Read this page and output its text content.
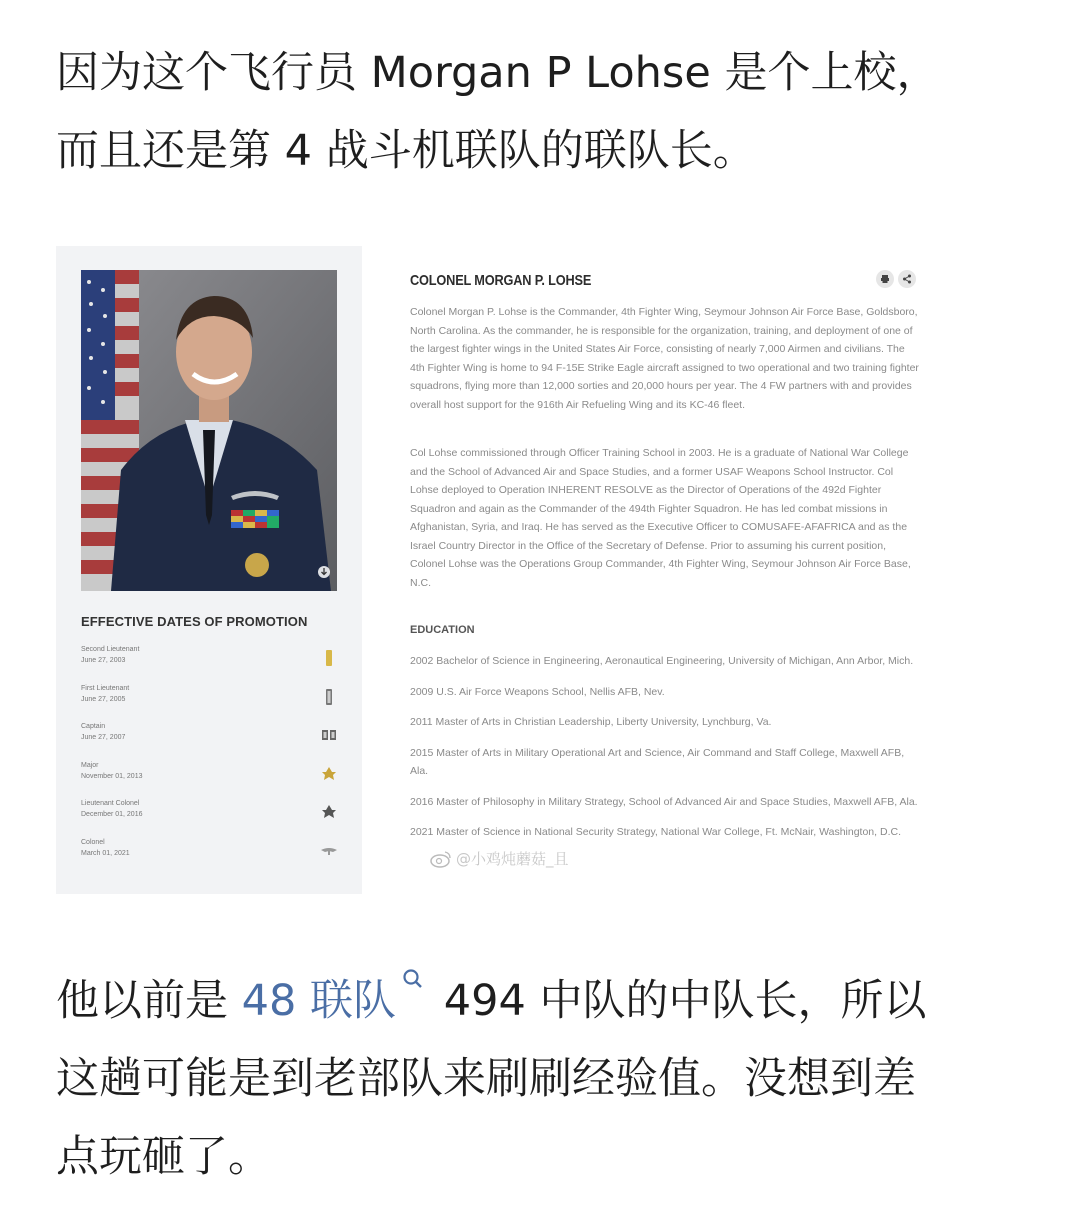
因为这个飞行员 Morgan P Lohse 是个上校，
而且还是第 4 战斗机联队的联队长。
EFFECTIVE DATES OF PROMOTION
Second Lieutenant
June 27, 2003
First Lieutenant
June 27, 2005
Captain
June 27, 2007
Major
November 01, 2013
Lieutenant Colonel
December 01, 2016
Colonel
March 01, 2021
COLONEL MORGAN P. LOHSE
Colonel Morgan P. Lohse is the Commander, 4th Fighter Wing, Seymour Johnson Air Force Base, Goldsboro, North Carolina. As the commander, he is responsible for the organization, training, and deployment of one of the largest fighter wings in the United States Air Force, consisting of nearly 7,000 Airmen and civilians. The 4th Fighter Wing is home to 94 F-15E Strike Eagle aircraft assigned to two operational and two training fighter squadrons, flying more than 12,000 sorties and 20,000 hours per year. The 4 FW partners with and provides overall host support for the 916th Air Refueling Wing and its KC-46 fleet.
Col Lohse commissioned through Officer Training School in 2003. He is a graduate of National War College and the School of Advanced Air and Space Studies, and a former USAF Weapons School Instructor. Col Lohse deployed to Operation INHERENT RESOLVE as the Director of Operations of the 492d Fighter Squadron and again as the Commander of the 494th Fighter Squadron. He has led combat missions in Afghanistan, Syria, and Iraq. He has served as the Executive Officer to COMUSAFE-AFAFRICA and as the Israel Country Director in the Office of the Secretary of Defense. Prior to assuming his current position, Colonel Lohse was the Operations Group Commander, 4th Fighter Wing, Seymour Johnson Air Force Base, N.C.
EDUCATION
2002 Bachelor of Science in Engineering, Aeronautical Engineering, University of Michigan, Ann Arbor, Mich.
2009 U.S. Air Force Weapons School, Nellis AFB, Nev.
2011 Master of Arts in Christian Leadership, Liberty University, Lynchburg, Va.
2015 Master of Arts in Military Operational Art and Science, Air Command and Staff College, Maxwell AFB, Ala.
2016 Master of Philosophy in Military Strategy, School of Advanced Air and Space Studies, Maxwell AFB, Ala.
2021 Master of Science in National Security Strategy, National War College, Ft. McNair, Washington, D.C.
@小鸡炖蘑菇_且
他以前是 48 联队
494 中队的中队长，所以
这趟可能是到老部队来刷刷经验值。没想到差
点玩砸了。
